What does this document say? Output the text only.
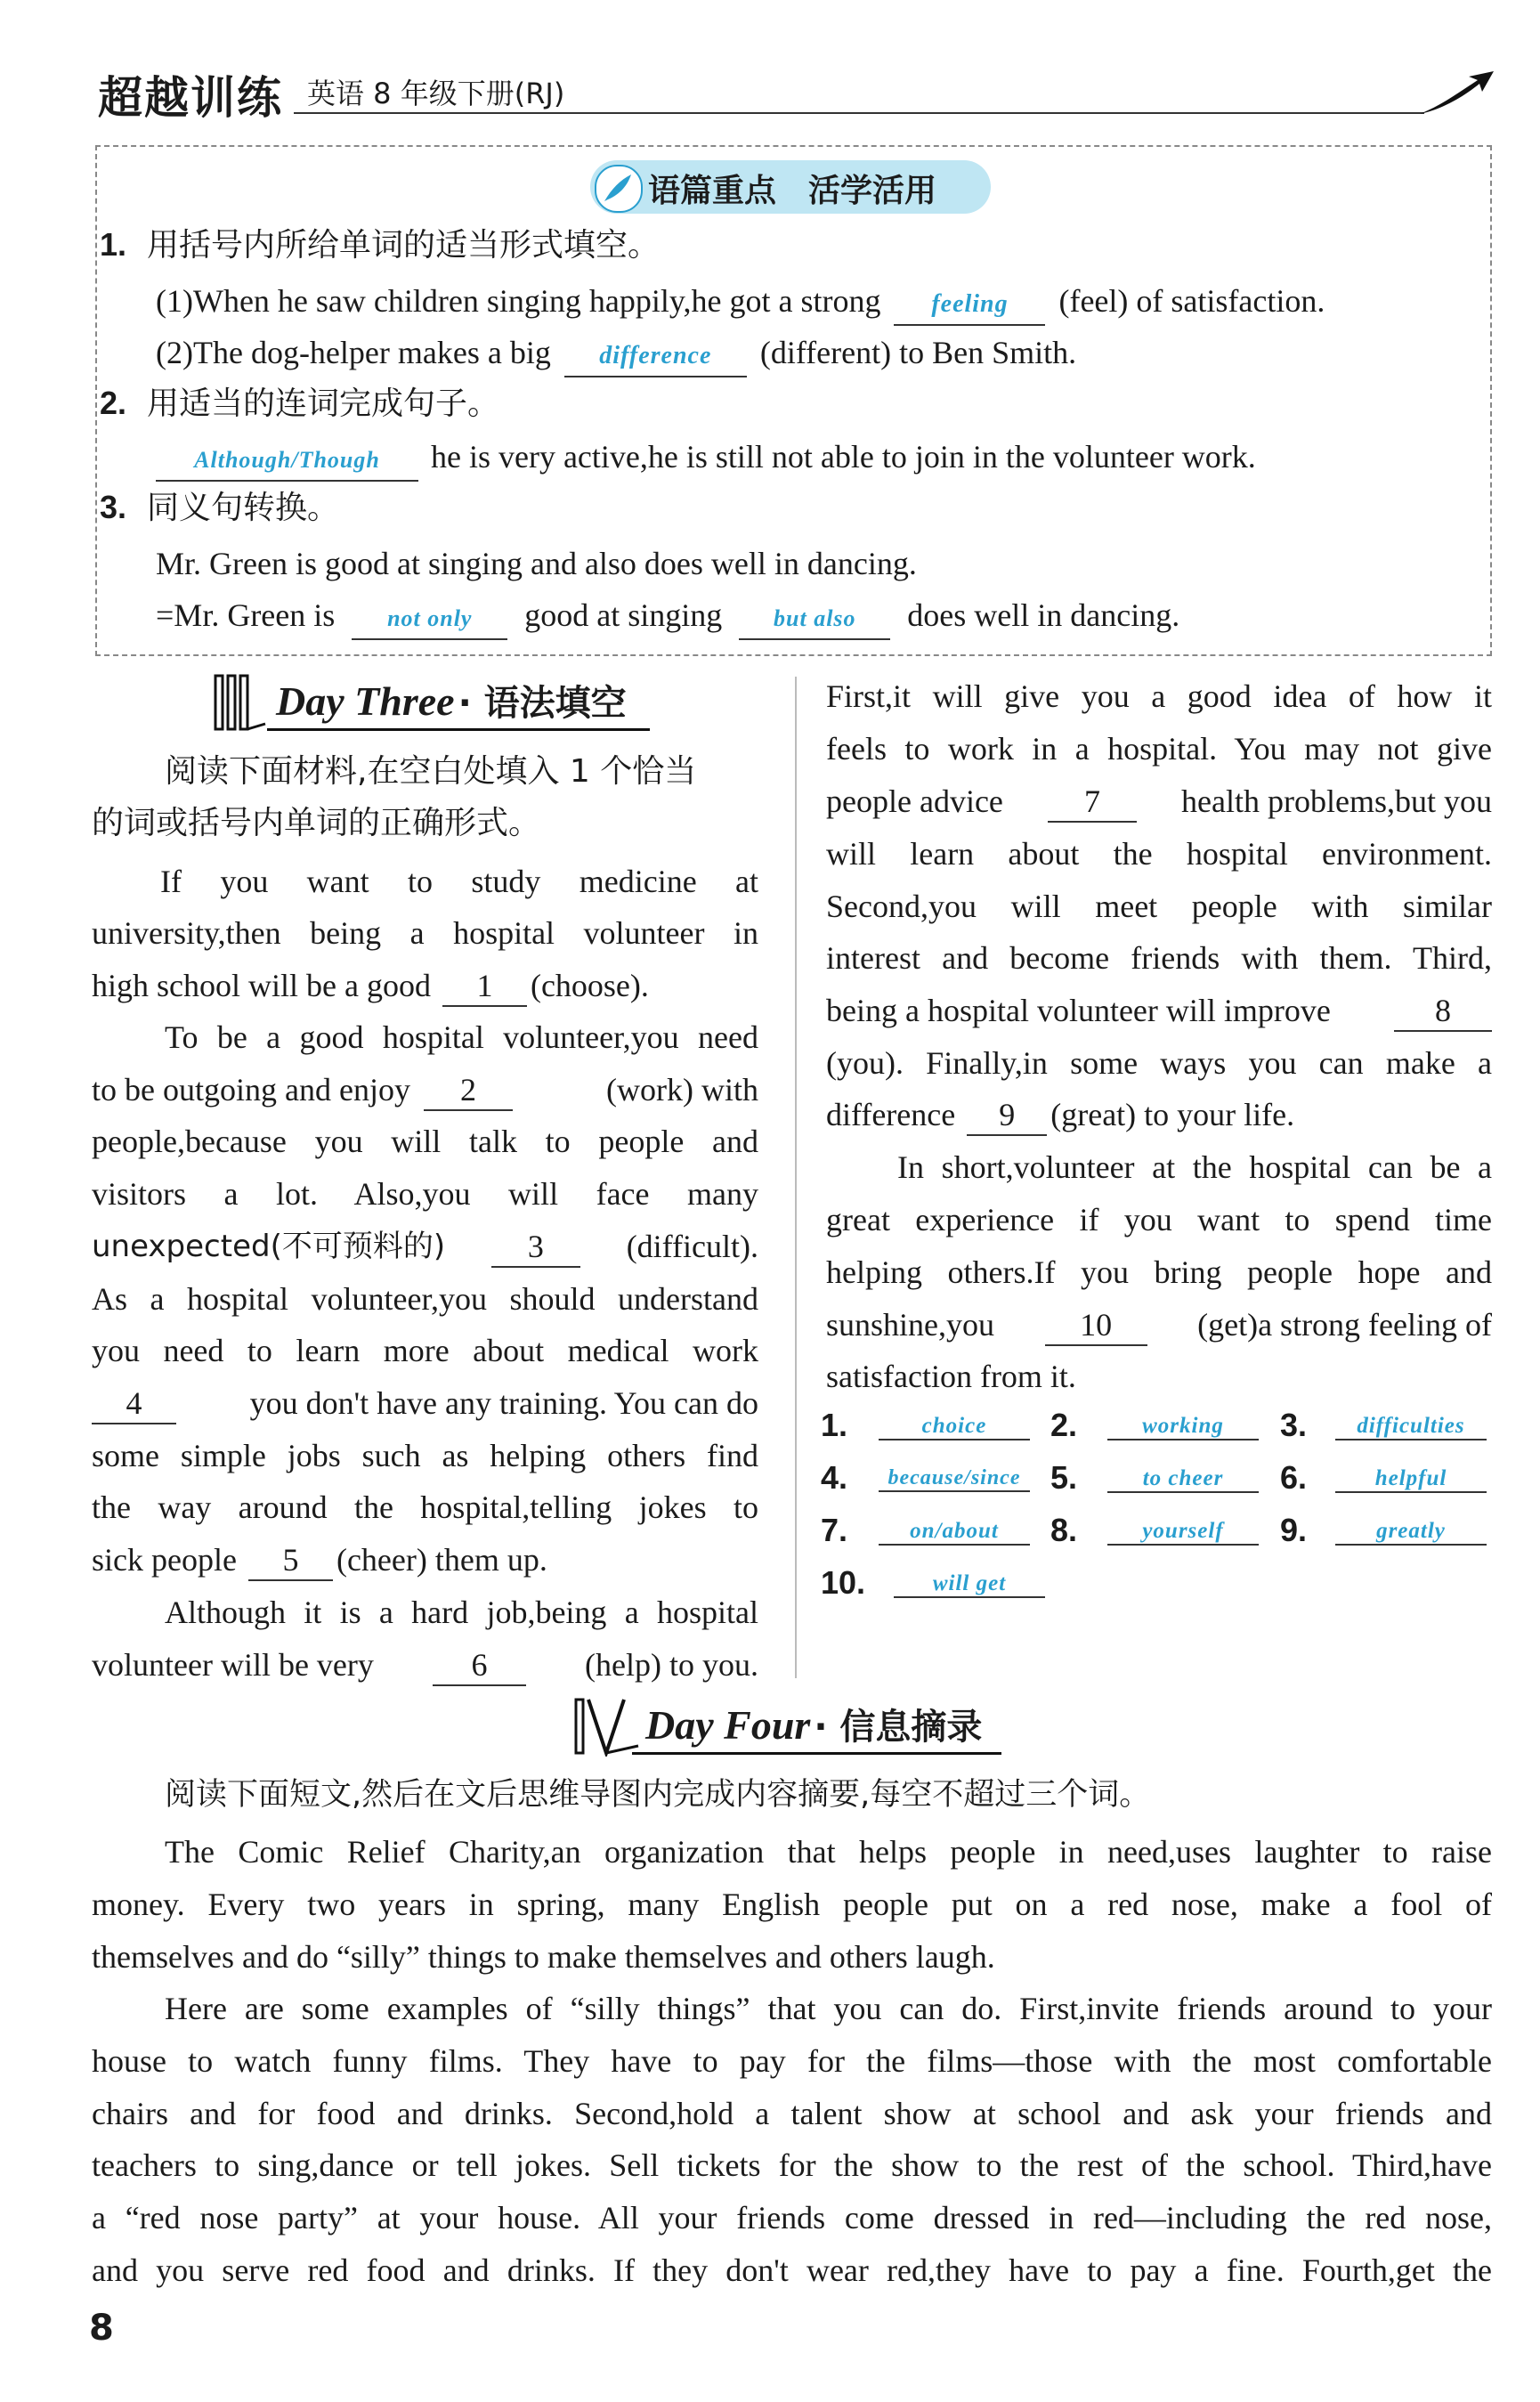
超越训练 英语 8 年级下册(RJ)
语篇重点　活学活用
1. 用括号内所给单词的适当形式填空。
(1)When he saw children singing happily,he got a strong feeling (feel) of satisfaction.
(2)The dog-helper makes a big difference (different) to Ben Smith.
2. 用适当的连词完成句子。
Although/Though he is very active,he is still not able to join in the volunteer work.
3. 同义句转换。
Mr. Green is good at singing and also does well in dancing.
=Mr. Green is not only good at singing but also does well in dancing.
Day Three · 语法填空
阅读下面材料,在空白处填入 1 个恰当
的词或括号内单词的正确形式。
If you want to study medicine at
university,then being a hospital volunteer in
high school will be a good 1 (choose).
To be a good hospital volunteer,you need
to be outgoing and enjoy 2	(work) with
people,because you will talk to people and
visitors a lot. Also,you will face many
unexpected(不可预料的)	3	(difficult).
As a hospital volunteer,you should understand
you need to learn more about medical work
4	you don't have any training. You can do
some simple jobs such as helping others find
the way around the hospital,telling jokes to
sick people 5 (cheer) them up.
Although it is a hard job,being a hospital
volunteer will be very	6	(help) to you.
First,it will give you a good idea of how it
feels to work in a hospital. You may not give
people advice	7	health problems,but you
will learn about the hospital environment.
Second,you will meet people with similar
interest and become friends with them. Third,
being a hospital volunteer will improve	8
(you). Finally,in some ways you can make a
difference 9 (great) to your life.
In short,volunteer at the hospital can be a
great experience if you want to spend time
helping others.If you bring people hope and
sunshine,you	10	(get)a strong feeling of
satisfaction from it.
1.	choice	2.	working	3.	difficulties
4.	because/since 5.	to cheer	6.	helpful
7.	on/about	8.	yourself	9.	greatly
10.	will get
Day Four · 信息摘录
阅读下面短文,然后在文后思维导图内完成内容摘要,每空不超过三个词。
The Comic Relief Charity,an organization that helps people in need,uses laughter to raise
money. Every two years in spring, many English people put on a red nose, make a fool of
themselves and do “silly” things to make themselves and others laugh.
Here are some examples of “silly things” that you can do. First,invite friends around to your
house to watch funny films. They have to pay for the films—those with the most comfortable
chairs and for food and drinks. Second,hold a talent show at school and ask your friends and
teachers to sing,dance or tell jokes. Sell tickets for the show to the rest of the school. Third,have
a “red nose party” at your house. All your friends come dressed in red—including the red nose,
and you serve red food and drinks. If they don't wear red,they have to pay a fine. Fourth,get the
8
